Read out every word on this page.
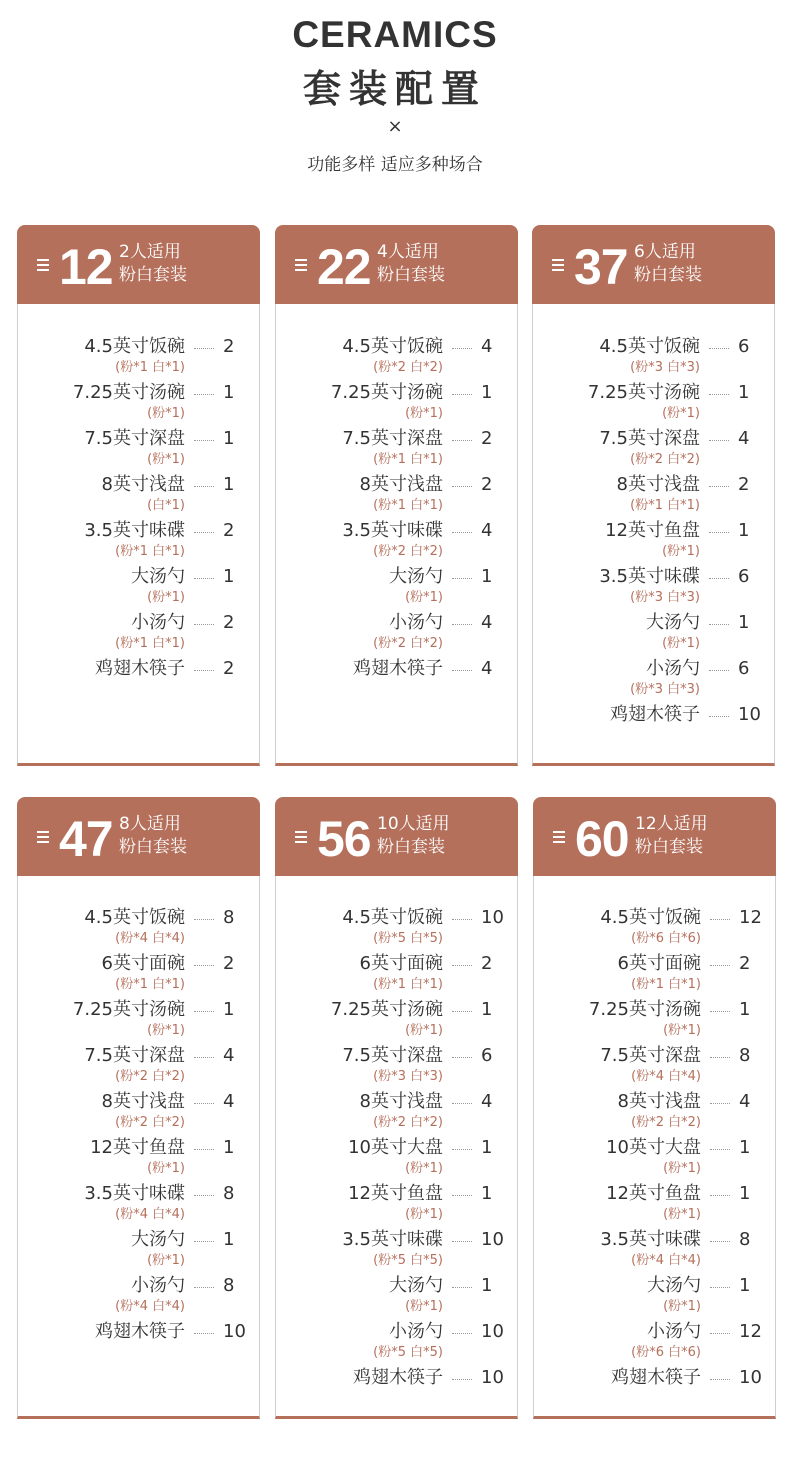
CERAMICS
套装配置
×
功能多样 适应多种场合
12 2人适用
粉白套装
4.5英寸饭碗 2
(粉*1 白*1)
7.25英寸汤碗 1
(粉*1)
7.5英寸深盘 1
(粉*1)
8英寸浅盘 1
(白*1)
3.5英寸味碟 2
(粉*1 白*1)
大汤勺 1
(粉*1)
小汤勺 2
(粉*1 白*1)
鸡翅木筷子 2
22 4人适用
粉白套装
4.5英寸饭碗 4
(粉*2 白*2)
7.25英寸汤碗 1
(粉*1)
7.5英寸深盘 2
(粉*1 白*1)
8英寸浅盘 2
(粉*1 白*1)
3.5英寸味碟 4
(粉*2 白*2)
大汤勺 1
(粉*1)
小汤勺 4
(粉*2 白*2)
鸡翅木筷子 4
37 6人适用
粉白套装
4.5英寸饭碗 6
(粉*3 白*3)
7.25英寸汤碗 1
(粉*1)
7.5英寸深盘 4
(粉*2 白*2)
8英寸浅盘 2
(粉*1 白*1)
12英寸鱼盘 1
(粉*1)
3.5英寸味碟 6
(粉*3 白*3)
大汤勺 1
(粉*1)
小汤勺 6
(粉*3 白*3)
鸡翅木筷子 10
47 8人适用
粉白套装
4.5英寸饭碗 8
(粉*4 白*4)
6英寸面碗 2
(粉*1 白*1)
7.25英寸汤碗 1
(粉*1)
7.5英寸深盘 4
(粉*2 白*2)
8英寸浅盘 4
(粉*2 白*2)
12英寸鱼盘 1
(粉*1)
3.5英寸味碟 8
(粉*4 白*4)
大汤勺 1
(粉*1)
小汤勺 8
(粉*4 白*4)
鸡翅木筷子 10
56 10人适用
粉白套装
4.5英寸饭碗 10
(粉*5 白*5)
6英寸面碗 2
(粉*1 白*1)
7.25英寸汤碗 1
(粉*1)
7.5英寸深盘 6
(粉*3 白*3)
8英寸浅盘 4
(粉*2 白*2)
10英寸大盘 1
(粉*1)
12英寸鱼盘 1
(粉*1)
3.5英寸味碟 10
(粉*5 白*5)
大汤勺 1
(粉*1)
小汤勺 10
(粉*5 白*5)
鸡翅木筷子 10
60 12人适用
粉白套装
4.5英寸饭碗 12
(粉*6 白*6)
6英寸面碗 2
(粉*1 白*1)
7.25英寸汤碗 1
(粉*1)
7.5英寸深盘 8
(粉*4 白*4)
8英寸浅盘 4
(粉*2 白*2)
10英寸大盘 1
(粉*1)
12英寸鱼盘 1
(粉*1)
3.5英寸味碟 8
(粉*4 白*4)
大汤勺 1
(粉*1)
小汤勺 12
(粉*6 白*6)
鸡翅木筷子 10
